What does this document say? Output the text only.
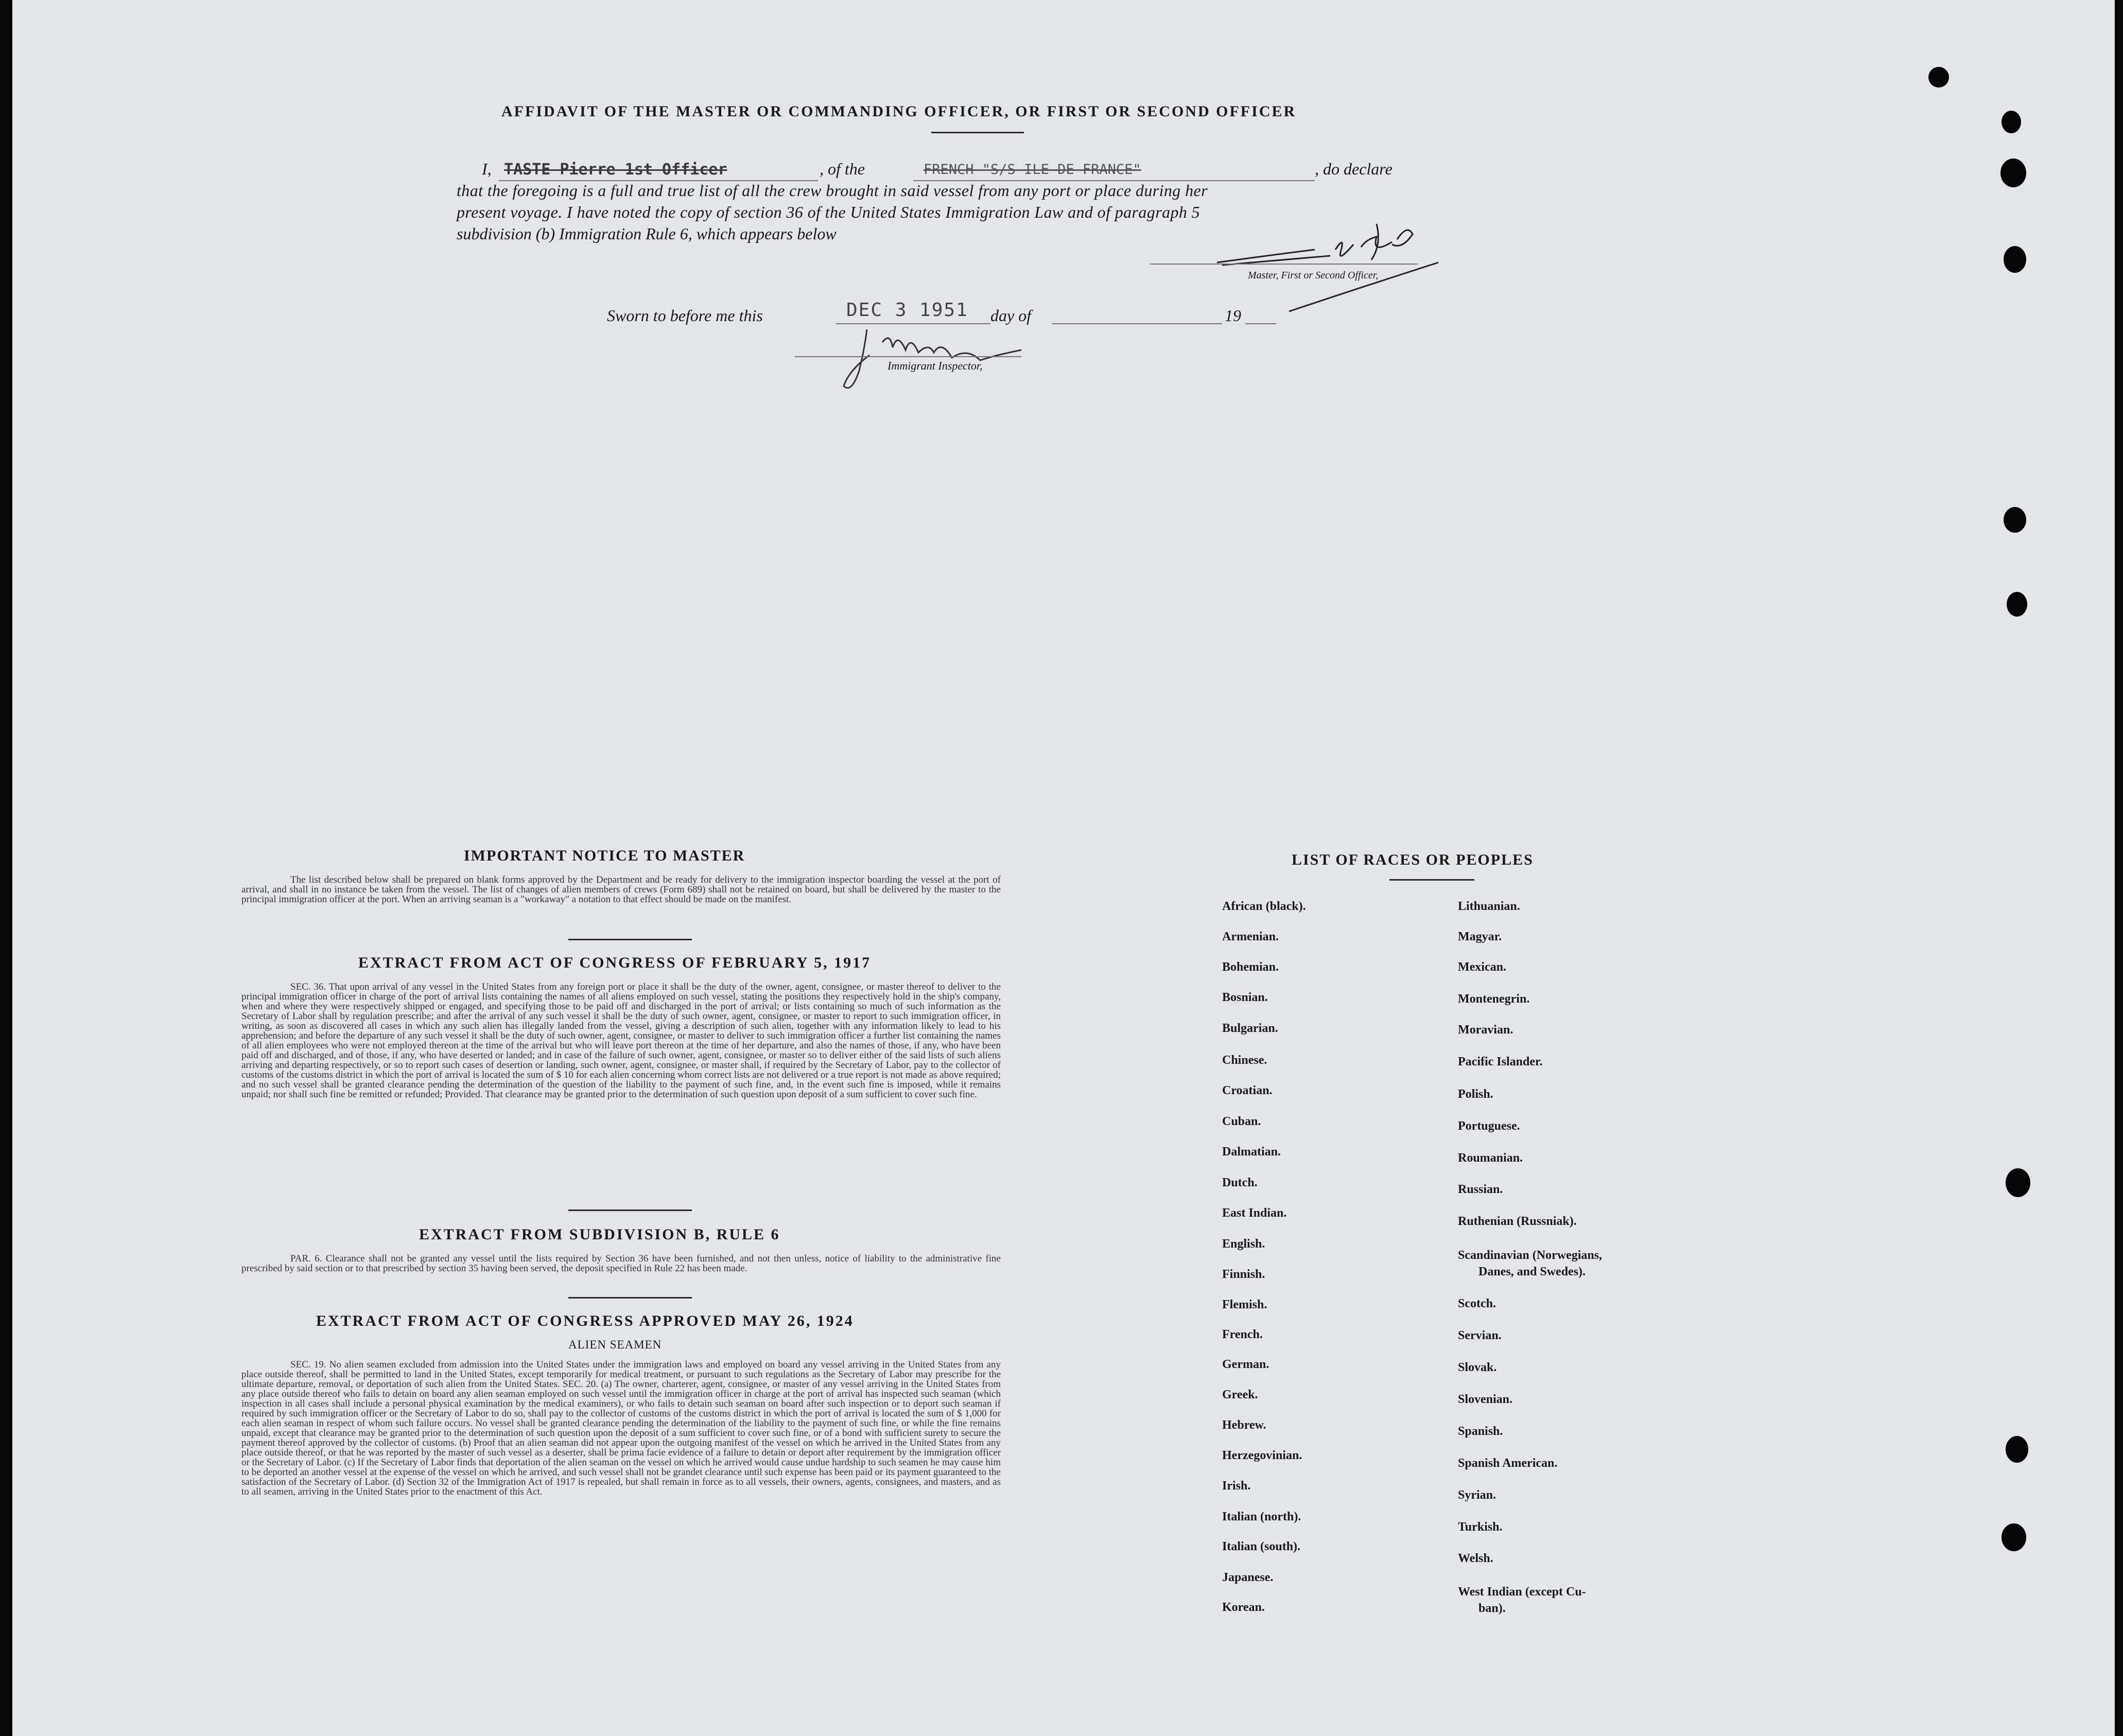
AFFIDAVIT OF THE MASTER OR COMMANDING OFFICER, OR FIRST OR SECOND OFFICER

I, TASTE Pierre 1st Officer	, of the	FRENCH "S/S ILE DE FRANCE"	, do declare

that the foregoing is a full and true list of all the crew brought in said vessel from any port or place during her

present voyage. I have noted the copy of section 36 of the United States Immigration Law and of paragraph 5

subdivision (b) Immigration Rule 6, which appears below

Master, First or Second Officer,

Sworn to before me this	DEC 3 1951 day of	19

Immigrant Inspector,

IMPORTANT NOTICE TO MASTER

The list described below shall be prepared on blank forms approved by the Department and be ready for delivery to the immigration inspector boarding the vessel at the port of arrival, and shall in no instance be taken from the vessel. The list of changes of alien members of crews (Form 689) shall not be retained on board, but shall be delivered by the master to the principal immigration officer at the port. When an arriving seaman is a "workaway" a notation to that effect should be made on the manifest.

EXTRACT FROM ACT OF CONGRESS OF FEBRUARY 5, 1917

SEC. 36. That upon arrival of any vessel in the United States from any foreign port or place it shall be the duty of the owner, agent, consignee, or master thereof to deliver to the principal immigration officer in charge of the port of arrival lists containing the names of all aliens employed on such vessel, stating the positions they respectively hold in the ship's company, when and where they were respectively shipped or engaged, and specifying those to be paid off and discharged in the port of arrival; or lists containing so much of such information as the Secretary of Labor shall by regulation prescribe; and after the arrival of any such vessel it shall be the duty of such owner, agent, consignee, or master to report to such immigration officer, in writing, as soon as discovered all cases in which any such alien has illegally landed from the vessel, giving a description of such alien, together with any information likely to lead to his apprehension; and before the departure of any such vessel it shall be the duty of such owner, agent, consignee, or master to deliver to such immigration officer a further list containing the names of all alien employees who were not employed thereon at the time of the arrival but who will leave port thereon at the time of her departure, and also the names of those, if any, who have been paid off and discharged, and of those, if any, who have deserted or landed; and in case of the failure of such owner, agent, consignee, or master so to deliver either of the said lists of such aliens arriving and departing respectively, or so to report such cases of desertion or landing, such owner, agent, consignee, or master shall, if required by the Secretary of Labor, pay to the collector of customs of the customs district in which the port of arrival is located the sum of $ 10 for each alien concerning whom correct lists are not delivered or a true report is not made as above required; and no such vessel shall be granted clearance pending the determination of the question of the liability to the payment of such fine, and, in the event such fine is imposed, while it remains unpaid; nor shall such fine be remitted or refunded; Provided. That clearance may be granted prior to the determination of such question upon deposit of a sum sufficient to cover such fine.

EXTRACT FROM SUBDIVISION B, RULE 6

PAR. 6. Clearance shall not be granted any vessel until the lists required by Section 36 have been furnished, and not then unless, notice of liability to the administrative fine prescribed by said section or to that prescribed by section 35 having been served, the deposit specified in Rule 22 has been made.

EXTRACT FROM ACT OF CONGRESS APPROVED MAY 26, 1924

ALIEN SEAMEN

SEC. 19. No alien seamen excluded from admission into the United States under the immigration laws and employed on board any vessel arriving in the United States from any place outside thereof, shall be permitted to land in the United States, except temporarily for medical treatment, or pursuant to such regulations as the Secretary of Labor may prescribe for the ultimate departure, removal, or deportation of such alien from the United States. SEC. 20. (a) The owner, charterer, agent, consignee, or master of any vessel arriving in the United States from any place outside thereof who fails to detain on board any alien seaman employed on such vessel until the immigration officer in charge at the port of arrival has inspected such seaman (which inspection in all cases shall include a personal physical examination by the medical examiners), or who fails to detain such seaman on board after such inspection or to deport such seaman if required by such immigration officer or the Secretary of Labor to do so, shall pay to the collector of customs of the customs district in which the port of arrival is located the sum of $ 1,000 for each alien seaman in respect of whom such failure occurs. No vessel shall be granted clearance pending the determination of the liability to the payment of such fine, or while the fine remains unpaid, except that clearance may be granted prior to the determination of such question upon the deposit of a sum sufficient to cover such fine, or of a bond with sufficient surety to secure the payment thereof approved by the collector of customs. (b) Proof that an alien seaman did not appear upon the outgoing manifest of the vessel on which he arrived in the United States from any place outside thereof, or that he was reported by the master of such vessel as a deserter, shall be prima facie evidence of a failure to detain or deport after requirement by the immigration officer or the Secretary of Labor. (c) If the Secretary of Labor finds that deportation of the alien seaman on the vessel on which he arrived would cause undue hardship to such seamen he may cause him to be deported an another vessel at the expense of the vessel on which he arrived, and such vessel shall not be grandet clearance until such expense has been paid or its payment guaranteed to the satisfaction of the Secretary of Labor. (d) Section 32 of the Immigration Act of 1917 is repealed, but shall remain in force as to all vessels, their owners, agents, consignees, and masters, and as to all seamen, arriving in the United States prior to the enactment of this Act.

LIST OF RACES OR PEOPLES

African (black).

Armenian.

Bohemian.

Bosnian.

Bulgarian.

Chinese.

Croatian.

Cuban.

Dalmatian.

Dutch.

East Indian.

English.

Finnish.

Flemish.

French.

German.

Greek.

Hebrew.

Herzegovinian.

Irish.

Italian (north).

Italian (south).

Japanese.

Korean.

Lithuanian.

Magyar.

Mexican.

Montenegrin.

Moravian.

Pacific Islander.

Polish.

Portuguese.

Roumanian.

Russian.

Ruthenian (Russniak).

Scandinavian (Norwegians,

Danes, and Swedes).

Scotch.

Servian.

Slovak.

Slovenian.

Spanish.

Spanish American.

Syrian.

Turkish.

Welsh.

West Indian (except Cu-

ban).
